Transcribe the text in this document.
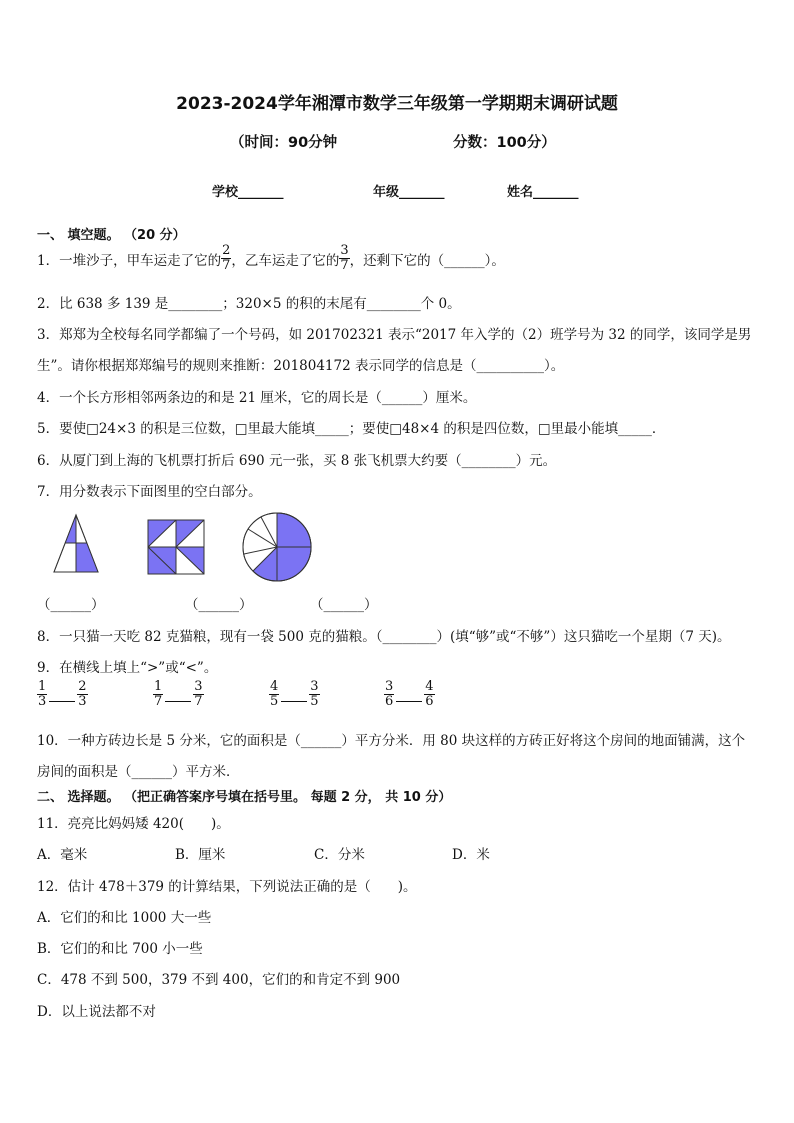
2023-2024学年湘潭市数学三年级第一学期期末调研试题
（时间：90分钟	分数：100分）
学校_______	年级_______	姓名_______
一、 填空题。 （20 分）
1．一堆沙子，甲车运走了它的 $\frac{2}{7}$ ，乙车运走了它的 $\frac{3}{7}$ ，还剩下它的（______）。
2．比 638 多 139 是________；320×5 的积的末尾有________个 0。
3．郑郑为全校每名同学都编了一个号码，如 201702321 表示“2017 年入学的（2）班学号为 32 的同学，该同学是男
生”。请你根据郑郑编号的规则来推断：201804172 表示同学的信息是（__________）。
4．一个长方形相邻两条边的和是 21 厘米，它的周长是（______）厘米。
5．要使□24×3 的积是三位数，□里最大能填_____；要使□48×4 的积是四位数，□里最小能填_____．
6．从厦门到上海的飞机票打折后 690 元一张，买 8 张飞机票大约要（________）元。
7．用分数表示下面图里的空白部分。
（______）	（______）	（______）
8．一只猫一天吃 82 克猫粮，现有一袋 500 克的猫粮。（________）(填“够”或“不够”）这只猫吃一个星期（7 天)。
9．在横线上填上“>”或“<”。
$\frac{1}{3} \frac{2}{3}$	$\frac{1}{7} \frac{3}{7}$	$\frac{4}{5} \frac{3}{5}$	$\frac{3}{6} \frac{4}{6}$
10．一种方砖边长是 5 分米，它的面积是（______）平方分米．用 80 块这样的方砖正好将这个房间的地面铺满，这个
房间的面积是（______）平方米．
二、 选择题。 （把正确答案序号填在括号里。 每题 2 分， 共 10 分）
11．亮亮比妈妈矮 420(　　)。
A．毫米	B．厘米	C．分米	D．米
12．估计 478＋379 的计算结果，下列说法正确的是（　　)。
A．它们的和比 1000 大一些
B．它们的和比 700 小一些
C．478 不到 500，379 不到 400，它们的和肯定不到 900
D．以上说法都不对
